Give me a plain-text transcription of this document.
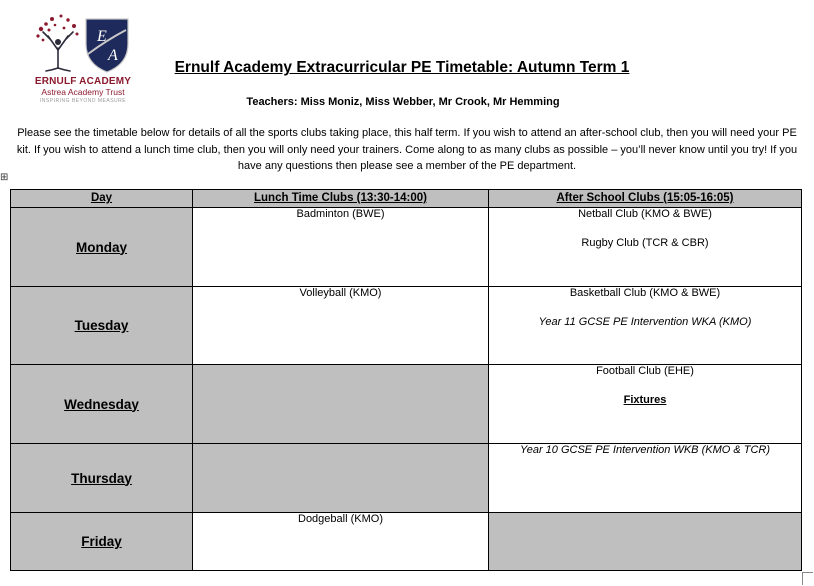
E
A
ERNULF ACADEMY
Astrea Academy Trust
INSPIRING BEYOND MEASURE
Ernulf Academy Extracurricular PE Timetable: Autumn Term 1
Teachers: Miss Moniz, Miss Webber, Mr Crook, Mr Hemming
Please see the timetable below for details of all the sports clubs taking place, this half term. If you wish to attend an after-school club, then you will need your PE kit. If you wish to attend a lunch time club, then you will only need your trainers. Come along to as many clubs as possible – you’ll never know until you try! If you have any questions then please see a member of the PE department.
⊞
Day	Lunch Time Clubs (13:30-14:00)	After School Clubs (15:05-16:05)
Monday	Badminton (BWE)	Netball Club (KMO & BWE)
Rugby Club (TCR & CBR)

Tuesday	Volleyball (KMO)	Basketball Club (KMO & BWE)
Year 11 GCSE PE Intervention WKA (KMO)

Wednesday		Football Club (EHE)
Fixtures

Thursday		Year 10 GCSE PE Intervention WKB (KMO & TCR)

Friday	Dodgeball (KMO)	
